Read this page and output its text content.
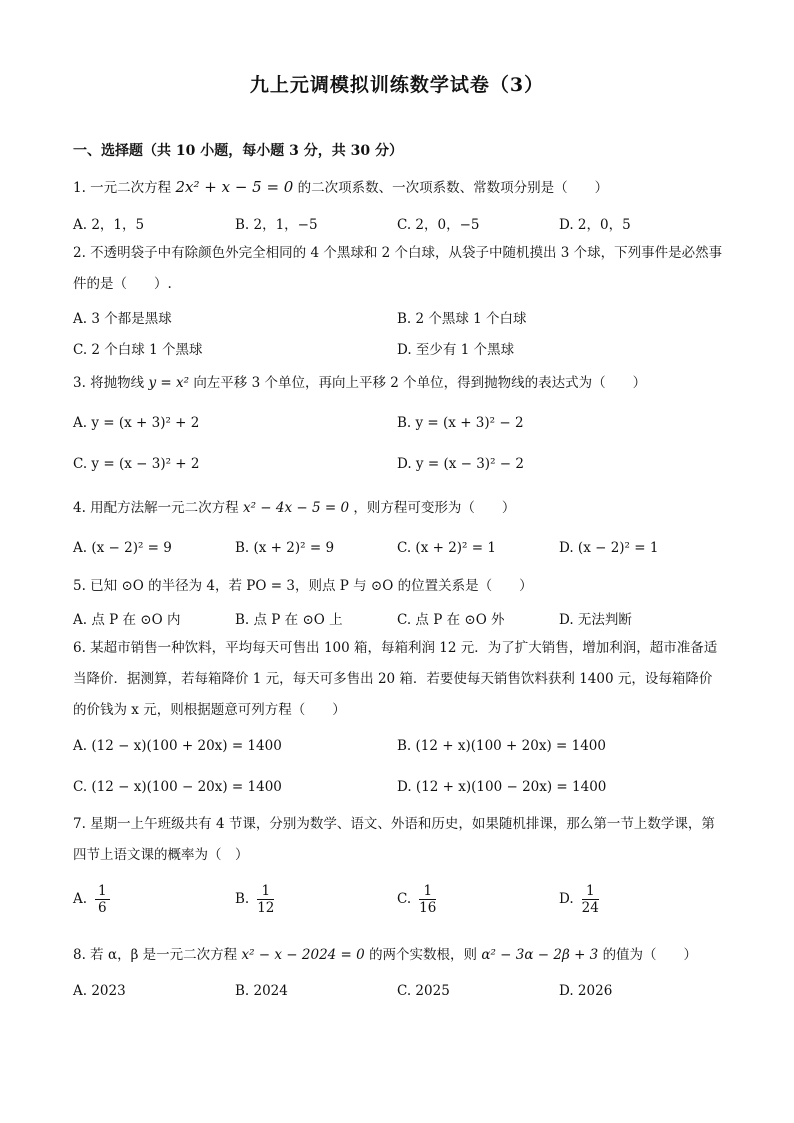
九上元调模拟训练数学试卷（3）
一、选择题（共 10 小题，每小题 3 分，共 30 分）
1. 一元二次方程 2x² + x − 5 = 0 的二次项系数、一次项系数、常数项分别是（　　）
A. 2，1，5	B. 2，1，−5	C. 2，0，−5	D. 2，0，5
2. 不透明袋子中有除颜色外完全相同的 4 个黑球和 2 个白球，从袋子中随机摸出 3 个球，下列事件是必然事件的是（　　）.
A. 3 个都是黑球	B. 2 个黑球 1 个白球
C. 2 个白球 1 个黑球	D. 至少有 1 个黑球
3. 将抛物线 y = x² 向左平移 3 个单位，再向上平移 2 个单位，得到抛物线的表达式为（　　）
A. y = (x + 3)² + 2	B. y = (x + 3)² − 2
C. y = (x − 3)² + 2	D. y = (x − 3)² − 2
4. 用配方法解一元二次方程 x² − 4x − 5 = 0 ，则方程可变形为（　　）
A. (x − 2)² = 9	B. (x + 2)² = 9	C. (x + 2)² = 1	D. (x − 2)² = 1
5. 已知 ⊙O 的半径为 4，若 PO = 3，则点 P 与 ⊙O 的位置关系是（　　）
A. 点 P 在 ⊙O 内	B. 点 P 在 ⊙O 上	C. 点 P 在 ⊙O 外	D. 无法判断
6. 某超市销售一种饮料，平均每天可售出 100 箱，每箱利润 12 元．为了扩大销售，增加利润，超市准备适当降价．据测算，若每箱降价 1 元，每天可多售出 20 箱．若要使每天销售饮料获利 1400 元，设每箱降价的价钱为 x 元，则根据题意可列方程（　　）
A. (12 − x)(100 + 20x) = 1400	B. (12 + x)(100 + 20x) = 1400
C. (12 − x)(100 − 20x) = 1400	D. (12 + x)(100 − 20x) = 1400
7. 星期一上午班级共有 4 节课，分别为数学、语文、外语和历史，如果随机排课，那么第一节上数学课，第四节上语文课的概率为（　）
A. $\frac{1}{6}$	B. $\frac{1}{12}$	C. $\frac{1}{16}$	D. $\frac{1}{24}$
8. 若 α，β 是一元二次方程 x² − x − 2024 = 0 的两个实数根，则 α² − 3α − 2β + 3 的值为（　　）
A. 2023	B. 2024	C. 2025	D. 2026
